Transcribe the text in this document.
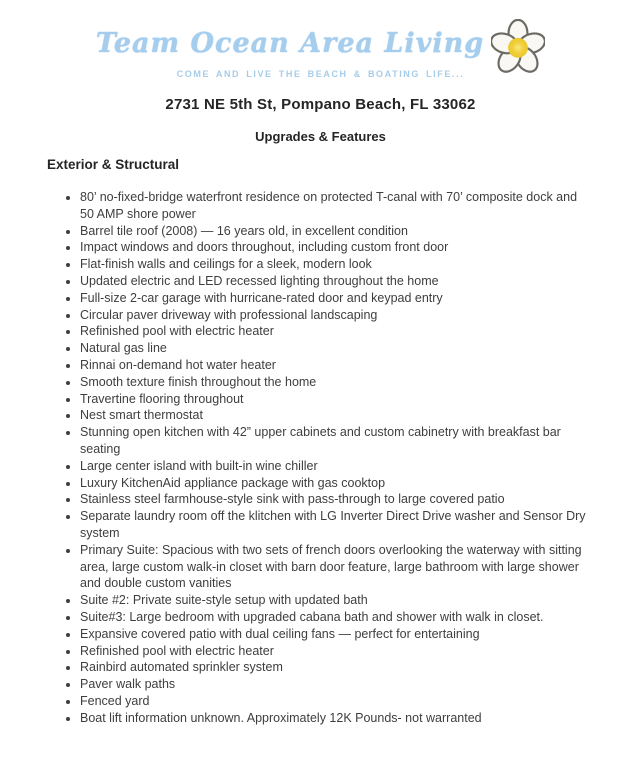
Team Ocean Area Living
COME AND LIVE THE BEACH & BOATING LIFE...
2731 NE 5th St, Pompano Beach, FL 33062
Upgrades & Features
Exterior & Structural
• 80’ no-fixed-bridge waterfront residence on protected T-canal with 70’ composite dock and 50 AMP shore power
• Barrel tile roof (2008) — 16 years old, in excellent condition
• Impact windows and doors throughout, including custom front door
• Flat-finish walls and ceilings for a sleek, modern look
• Updated electric and LED recessed lighting throughout the home
• Full-size 2-car garage with hurricane-rated door and keypad entry
• Circular paver driveway with professional landscaping
• Refinished pool with electric heater
• Natural gas line
• Rinnai on-demand hot water heater
• Smooth texture finish throughout the home
• Travertine flooring throughout
• Nest smart thermostat
• Stunning open kitchen with 42” upper cabinets and custom cabinetry with breakfast bar seating
• Large center island with built-in wine chiller
• Luxury KitchenAid appliance package with gas cooktop
• Stainless steel farmhouse-style sink with pass-through to large covered patio
• Separate laundry room off the klitchen with LG Inverter Direct Drive washer and Sensor Dry system
• Primary Suite: Spacious with two sets of french doors overlooking the waterway with sitting area, large custom walk-in closet with barn door feature, large bathroom with large shower and double custom vanities
• Suite #2: Private suite-style setup with updated bath
• Suite#3: Large bedroom with upgraded cabana bath and shower with walk in closet.
• Expansive covered patio with dual ceiling fans — perfect for entertaining
• Refinished pool with electric heater
• Rainbird automated sprinkler system
• Paver walk paths
• Fenced yard
• Boat lift information unknown. Approximately 12K Pounds- not warranted
